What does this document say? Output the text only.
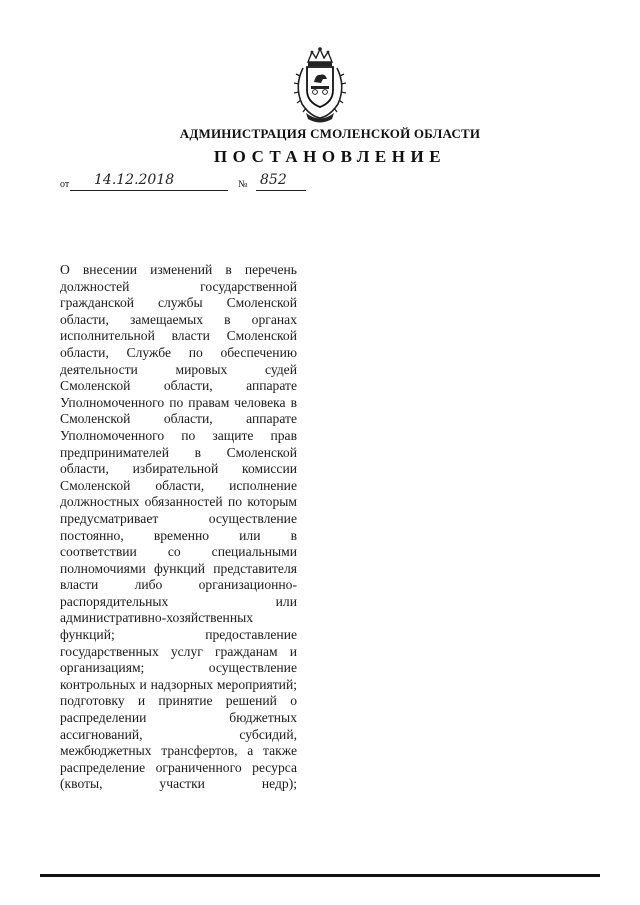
АДМИНИСТРАЦИЯ СМОЛЕНСКОЙ ОБЛАСТИ
ПОСТАНОВЛЕНИЕ
от 14.12.2018	№ 852

О внесении изменений в перечень должностей государственной гражданской службы Смоленской области, замещаемых в органах исполнительной власти Смоленской области, Службе по обеспечению деятельности мировых судей Смоленской области, аппарате Уполномоченного по правам человека в Смоленской области, аппарате Уполномоченного по защите прав предпринимателей в Смоленской области, избирательной комиссии Смоленской области, исполнение должностных обязанностей по которым предусматривает осуществление постоянно, временно или в соответствии со специальными полномочиями функций представителя власти либо организационно-распорядительных или административно-хозяйственных функций; предоставление государственных услуг гражданам и организациям; осуществление контрольных и надзорных мероприятий; подготовку и принятие решений о распределении бюджетных ассигнований, субсидий, межбюджетных трансфертов, а также распределение ограниченного ресурса (квоты, участки недр);
